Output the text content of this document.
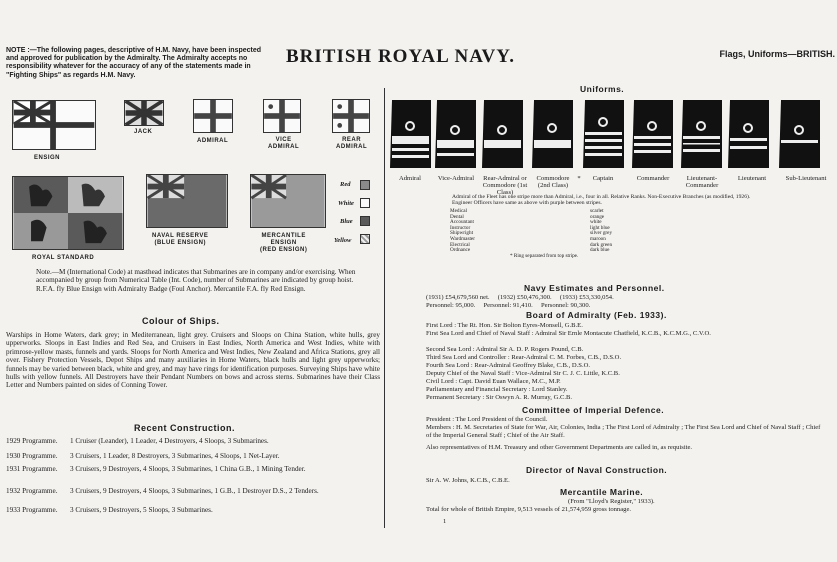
NOTE :—The following pages, descriptive of H.M. Navy, have been inspected and approved for publication by the Admiralty. The Admiralty accepts no responsibility whatever for the accuracy of any of the statements made in "Fighting Ships" as regards H.M. Navy.
BRITISH ROYAL NAVY.	Flags, Uniforms—BRITISH.
ENSIGN
JACK
ADMIRAL	VICE
ADMIRAL
REAR
ADMIRAL
ROYAL STANDARD
NAVAL RESERVE
(BLUE ENSIGN)
MERCANTILE
ENSIGN
(RED ENSIGN)
Red
White
Blue
Yellow
Note.—M (International Code) at masthead indicates that Submarines are in company and/or exercising. When accompanied by group from Numerical Table (Int. Code), number of Submarines are indicated by group hoist. R.F.A. fly Blue Ensign with Admiralty Badge (Foul Anchor). Mercantile F.A. fly Red Ensign.
Colour of Ships.
Warships in Home Waters, dark grey; in Mediterranean, light grey. Cruisers and Sloops on China Station, white hulls, grey upperworks. Sloops in East Indies and Red Sea, and Cruisers in East Indies, North America and West Indies, white with primrose-yellow masts, funnels and yards. Sloops for North America and West Indies, New Zealand and Africa Stations, grey all over. Fishery Protection Vessels, Depot Ships and many auxiliaries in Home Waters, black hulls and light grey upperworks; funnels may be varied between black, white and grey, and may have rings for identification purposes. Surveying Ships have white hulls with yellow funnels. All Destroyers have their Pendant Numbers on bows and across sterns. Submarines have their Class Letter and Numbers painted on sides of Conning Tower.
Recent Construction.
1929 Programme. 1 Cruiser (Leander), 1 Leader, 4 Destroyers, 4 Sloops, 3 Submarines.
1930 Programme. 3 Cruisers, 1 Leader, 8 Destroyers, 3 Submarines, 4 Sloops, 1 Net-Layer.
1931 Programme.	3 Cruisers, 9 Destroyers, 4 Sloops, 3 Submarines, 1 China G.B., 1 Mining Tender.
1932 Programme.	3 Cruisers, 9 Destroyers, 4 Sloops, 3 Submarines, 1 G.B., 1 Destroyer D.S., 2 Tenders.
1933 Programme. 3 Cruisers, 9 Destroyers, 5 Sloops, 3 Submarines.
Uniforms.
Admiral	Vice-Admiral	Rear-Admiral or Commodore (1st Class)
Commodore (2nd Class)
*	Captain	Commander	Lieutenant-Commander
Lieutenant	Sub-Lieutenant
Admiral of the Fleet has one stripe more than Admiral, i.e., four in all. Relative Ranks. Non-Executive Branches (as modified, 1926). Engineer Officers have same as above with purple between stripes.
Medical	scarlet
Dental	orange
Accountant	white
Instructor	light blue
Shipwright	silver grey
Wardmaster	maroon
Electrical	dark green
Ordnance	dark blue
* Ring separated from top stripe.
Navy Estimates and Personnel.
(1931) £54,679,560 net.     (1932) £50,476,300.     (1933) £53,330,054.
Personnel: 95,000.     Personnel: 91,410.     Personnel: 90,300.
Board of Admiralty (Feb. 1933).
First Lord : The Rt. Hon. Sir Bolton Eyres-Monsell, G.B.E.
First Sea Lord and Chief of Naval Staff : Admiral Sir Ernle Montacute Chatfield, K.C.B., K.C.M.G., C.V.O.
Second Sea Lord : Admiral Sir A. D. P. Rogers Pound, C.B.
Third Sea Lord and Controller : Rear-Admiral C. M. Forbes, C.B., D.S.O.
Fourth Sea Lord : Rear-Admiral Geoffrey Blake, C.B., D.S.O.
Deputy Chief of the Naval Staff : Vice-Admiral Sir C. J. C. Little, K.C.B.
Civil Lord : Capt. David Euan Wallace, M.C., M.P.
Parliamentary and Financial Secretary : Lord Stanley.
Permanent Secretary : Sir Oswyn A. R. Murray, G.C.B.
Committee of Imperial Defence.
President : The Lord President of the Council.
Members : H. M. Secretaries of State for War, Air, Colonies, India ; The First Lord of Admiralty ; The First Sea Lord and Chief of Naval Staff ; Chief of the Imperial General Staff ; Chief of the Air Staff.
Also representatives of H.M. Treasury and other Government Departments are called in, as requisite.
Director of Naval Construction.
Sir A. W. Johns, K.C.B., C.B.E.
Mercantile Marine.
(From "Lloyd's Register," 1933).
Total for whole of British Empire, 9,513 vessels of 21,574,959 gross tonnage.
1
